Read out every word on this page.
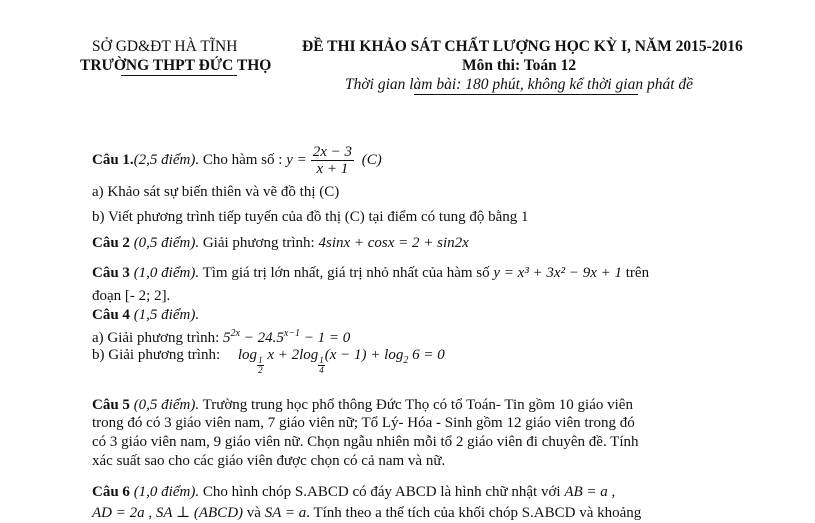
SỞ GD&ĐT HÀ TĨNH
TRƯỜNG THPT ĐỨC THỌ
ĐỀ THI KHẢO SÁT CHẤT LƯỢNG HỌC KỲ I, NĂM 2015-2016
Môn thi: Toán 12
Thời gian làm bài: 180 phút, không kể thời gian phát đề
Câu 1.(2,5 điểm). Cho hàm số : $y = \frac{2x - 3}{x + 1} (C)$
a) Khảo sát sự biến thiên và vẽ đồ thị (C)
b) Viết phương trình tiếp tuyến của đồ thị (C) tại điểm có tung độ bằng 1
Câu 2 (0,5 điểm). Giải phương trình: 4sinx + cosx = 2 + sin2x
Câu 3 (1,0 điểm). Tìm giá trị lớn nhất, giá trị nhỏ nhất của hàm số y = x³ + 3x² − 9x + 1 trên
đoạn [- 2; 2].
Câu 4 (1,5 điểm).
a) Giải phương trình: $5^{2x} - 24.5^{x-1} - 1 = 0$
b) Giải phương trình: log
$\frac{1}{2}$
x + 2log
$\frac{1}{4}$
$(x - 1) + \log_2 6 = 0$
Câu 5 (0,5 điểm). Trường trung học phổ thông Đức Thọ có tổ Toán- Tin gồm 10 giáo viên
trong đó có 3 giáo viên nam, 7 giáo viên nữ; Tổ Lý- Hóa - Sinh gồm 12 giáo viên trong đó
có 3 giáo viên nam, 9 giáo viên nữ. Chọn ngẫu nhiên mỗi tổ 2 giáo viên đi chuyên đề. Tính
xác suất sao cho các giáo viên được chọn có cả nam và nữ.
Câu 6 (1,0 điểm). Cho hình chóp S.ABCD có đáy ABCD là hình chữ nhật với AB = a ,
AD = 2a , SA ⊥ (ABCD) và SA = a. Tính theo a thể tích của khối chóp S.ABCD và khoảng
